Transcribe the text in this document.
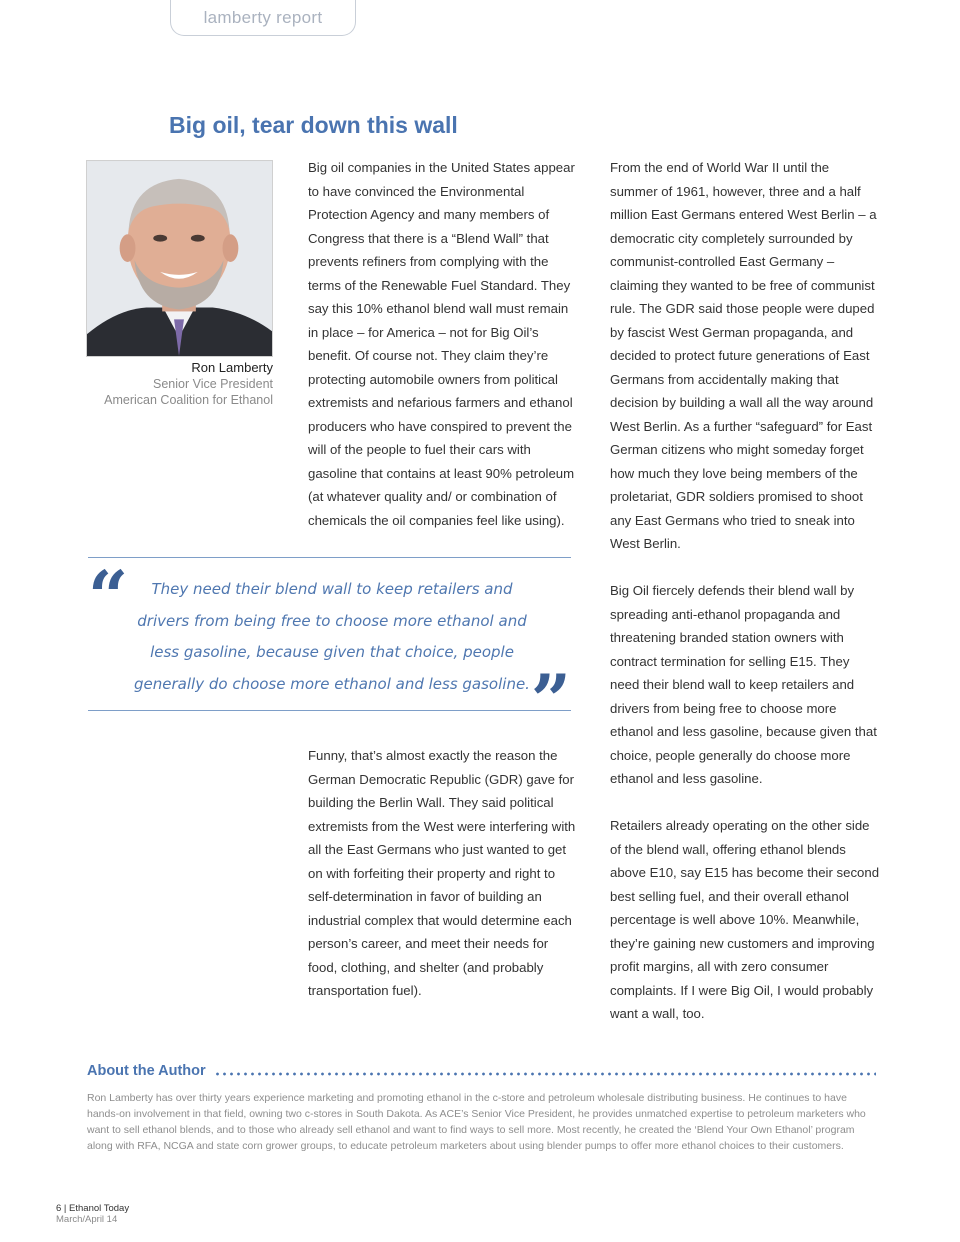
lamberty report
Big oil, tear down this wall
Ron Lamberty
Senior Vice President
American Coalition for Ethanol

Big oil companies in the United States appear to have convinced the Environmental Protection Agency and many members of Congress that there is a “Blend Wall” that prevents refiners from complying with the terms of the Renewable Fuel Standard. They say this 10% ethanol blend wall must remain in place – for America – not for Big Oil’s benefit. Of course not. They claim they’re protecting automobile owners from political extremists and nefarious farmers and ethanol producers who have conspired to prevent the will of the people to fuel their cars with gasoline that contains at least 90% petroleum (at whatever quality and/ or combination of chemicals the oil companies feel like using).

From the end of World War II until the summer of 1961, however, three and a half million East Germans entered West Berlin – a democratic city completely surrounded by communist-controlled East Germany – claiming they wanted to be free of communist rule. The GDR said those people were duped by fascist West German propaganda, and decided to protect future generations of East Germans from accidentally making that decision by building a wall all the way around West Berlin. As a further “safeguard” for East German citizens who might someday forget how much they love being members of the proletariat, GDR soldiers promised to shoot any East Germans who tried to sneak into West Berlin.

Big Oil fiercely defends their blend wall by spreading anti-ethanol propaganda and threatening branded station owners with contract termination for selling E15. They need their blend wall to keep retailers and drivers from being free to choose more ethanol and less gasoline, because given that choice, people generally do choose more ethanol and less gasoline.

Retailers already operating on the other side of the blend wall, offering ethanol blends above E10, say E15 has become their second best selling fuel, and their overall ethanol percentage is well above 10%. Meanwhile, they’re gaining new customers and improving profit margins, all with zero consumer complaints. If I were Big Oil, I would probably want a wall, too.

“	They need their blend wall to keep retailers and drivers from being free to choose more ethanol and less gasoline, because given that choice, people generally do choose more ethanol and less gasoline. ”

Funny, that’s almost exactly the reason the German Democratic Republic (GDR) gave for building the Berlin Wall. They said political extremists from the West were interfering with all the East Germans who just wanted to get on with forfeiting their property and right to self-determination in favor of building an industrial complex that would determine each person’s career, and meet their needs for food, clothing, and shelter (and probably transportation fuel).

About the Author

Ron Lamberty has over thirty years experience marketing and promoting ethanol in the c-store and petroleum wholesale distributing business. He continues to have hands-on involvement in that field, owning two c-stores in South Dakota. As ACE’s Senior Vice President, he provides unmatched expertise to petroleum marketers who want to sell ethanol blends, and to those who already sell ethanol and want to find ways to sell more. Most recently, he created the ‘Blend Your Own Ethanol’ program along with RFA, NCGA and state corn grower groups, to educate petroleum marketers about using blender pumps to offer more ethanol choices to their customers.

6 | Ethanol Today
March/April 14
